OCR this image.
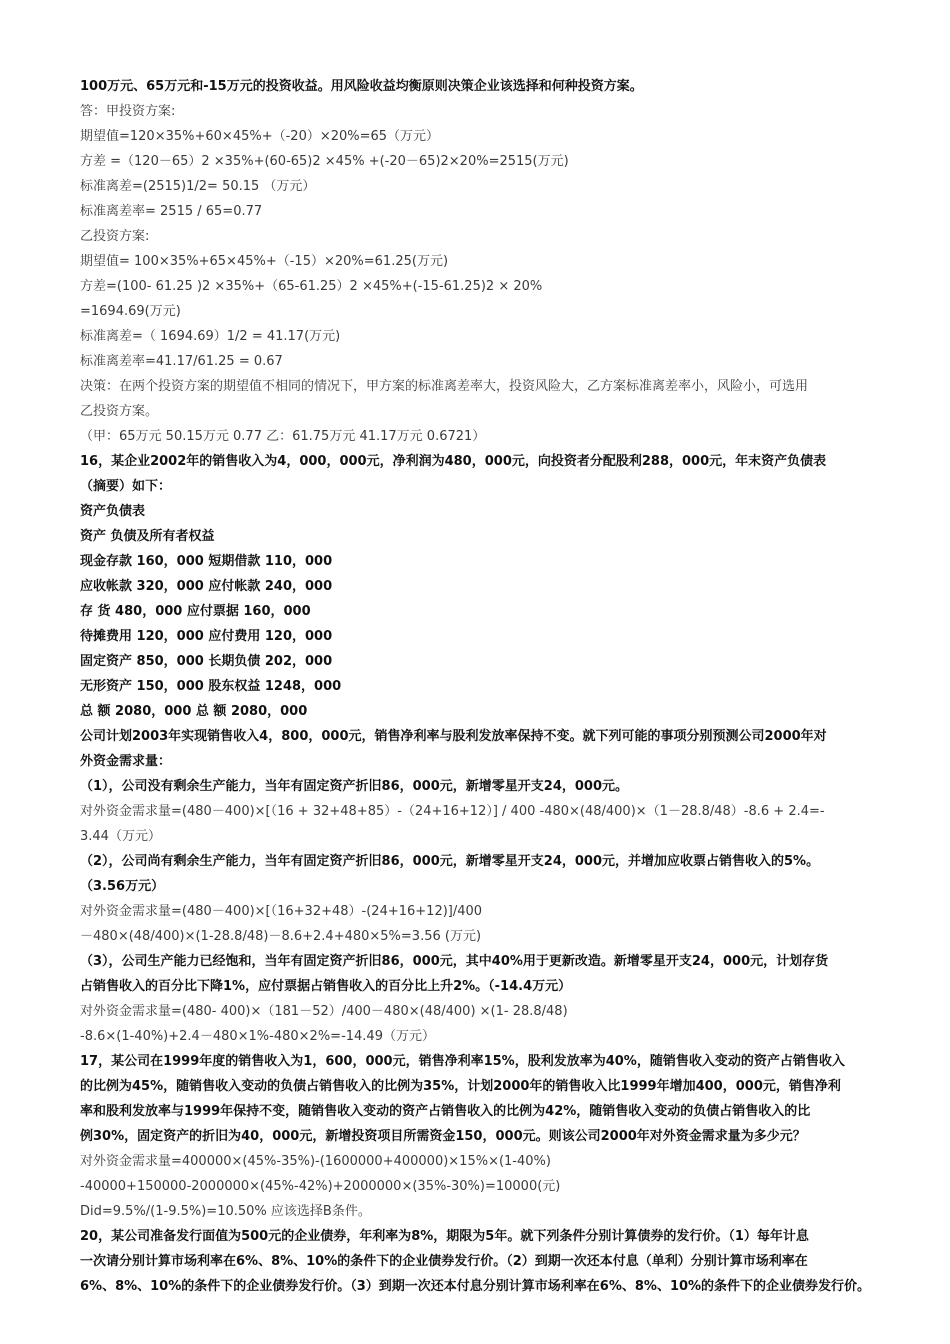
100万元、65万元和-15万元的投资收益。用风险收益均衡原则决策企业该选择和何种投资方案。
答：甲投资方案:
期望值=120×35%+60×45%+（-20）×20%=65（万元）
方差 =（120－65）2 ×35%+(60-65)2 ×45% +(-20－65)2×20%=2515(万元)
标准离差=(2515)1/2= 50.15 （万元）
标准离差率= 2515 / 65=0.77
乙投资方案:
期望值= 100×35%+65×45%+（-15）×20%=61.25(万元)
方差=(100- 61.25 )2 ×35%+（65-61.25）2 ×45%+(-15-61.25)2 × 20%
=1694.69(万元)
标准离差=（ 1694.69）1/2 = 41.17(万元)
标准离差率=41.17/61.25 = 0.67
决策：在两个投资方案的期望值不相同的情况下，甲方案的标准离差率大，投资风险大，乙方案标准离差率小，风险小，可选用
乙投资方案。
（甲：65万元 50.15万元 0.77 乙：61.75万元 41.17万元 0.6721）
16，某企业2002年的销售收入为4，000，000元，净利润为480，000元，向投资者分配股利288，000元，年末资产负债表
（摘要）如下：
资产负债表
资产 负债及所有者权益
现金存款 160，000 短期借款 110，000
应收帐款 320，000 应付帐款 240，000
存 货 480，000 应付票据 160，000
待摊费用 120，000 应付费用 120，000
固定资产 850，000 长期负债 202，000
无形资产 150，000 股东权益 1248，000
总 额 2080，000 总 额 2080，000
公司计划2003年实现销售收入4，800，000元，销售净利率与股利发放率保持不变。就下列可能的事项分别预测公司2000年对
外资金需求量：
（1），公司没有剩余生产能力，当年有固定资产折旧86，000元，新增零星开支24，000元。
对外资金需求量=(480－400)×[（16 + 32+48+85）-（24+16+12）] / 400 -480×(48/400)×（1－28.8/48）-8.6 + 2.4=-
3.44（万元）
（2），公司尚有剩余生产能力，当年有固定资产折旧86，000元，新增零星开支24，000元，并增加应收票占销售收入的5%。
（3.56万元）
对外资金需求量=(480－400)×[（16+32+48）-(24+16+12)]/400
－480×(48/400)×(1-28.8/48)－8.6+2.4+480×5%=3.56 (万元)
（3），公司生产能力已经饱和，当年有固定资产折旧86，000元，其中40%用于更新改造。新增零星开支24，000元，计划存货
占销售收入的百分比下降1%，应付票据占销售收入的百分比上升2%。（-14.4万元）
对外资金需求量=(480- 400)×（181－52）/400－480×(48/400) ×(1- 28.8/48)
-8.6×(1-40%)+2.4－480×1%-480×2%=-14.49（万元）
17，某公司在1999年度的销售收入为1，600，000元，销售净利率15%，股利发放率为40%，随销售收入变动的资产占销售收入
的比例为45%，随销售收入变动的负债占销售收入的比例为35%，计划2000年的销售收入比1999年增加400，000元，销售净利
率和股利发放率与1999年保持不变，随销售收入变动的资产占销售收入的比例为42%，随销售收入变动的负债占销售收入的比
例30%，固定资产的折旧为40，000元，新增投资项目所需资金150，000元。则该公司2000年对外资金需求量为多少元？
对外资金需求量=400000×(45%-35%)-(1600000+400000)×15%×(1-40%)
-40000+150000-2000000×(45%-42%)+2000000×(35%-30%)=10000(元)
Did=9.5%/(1-9.5%)=10.50% 应该选择B条件。
20，某公司准备发行面值为500元的企业债券，年利率为8%，期限为5年。就下列条件分别计算债券的发行价。（1）每年计息
一次请分别计算市场利率在6%、8%、10%的条件下的企业债券发行价。（2）到期一次还本付息（单利）分别计算市场利率在
6%、8%、10%的条件下的企业债券发行价。（3）到期一次还本付息分别计算市场利率在6%、8%、10%的条件下的企业债券发行价。
